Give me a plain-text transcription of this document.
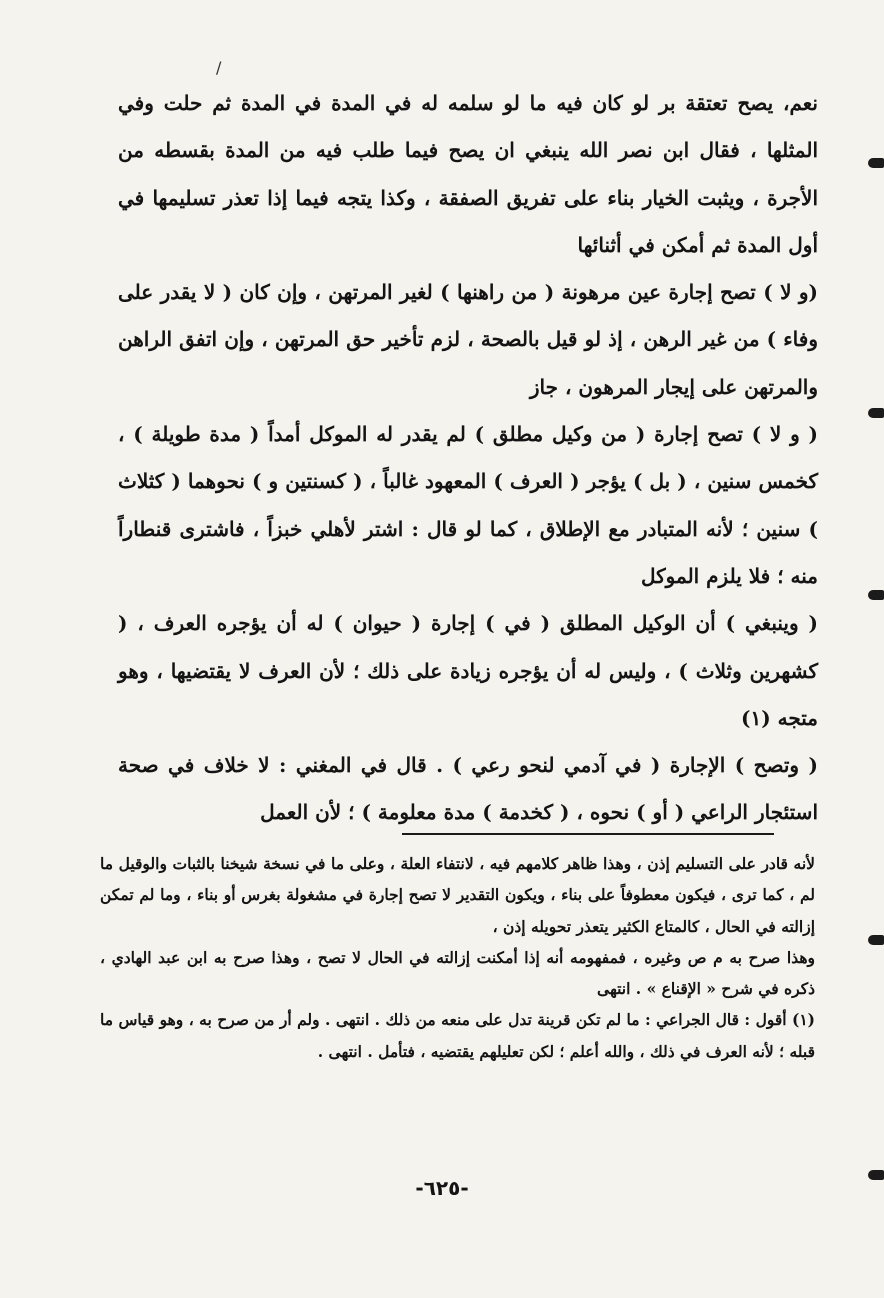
/

نعم، يصح تعتقة بر لو كان فيه ما لو سلمه له في المدة في المدة ثم حلت وفي المثلها ، فقال ابن نصر الله ينبغي ان يصح فيما طلب فيه من المدة بقسطه من الأجرة ، ويثبت الخيار بناء على تفريق الصفقة ، وكذا يتجه فيما إذا تعذر تسليمها في أول المدة ثم أمكن في أثنائها

(و لا ) تصح إجارة عين مرهونة ( من راهنها ) لغير المرتهن ، وإن كان ( لا يقدر على وفاء ) من غير الرهن ، إذ لو قيل بالصحة ، لزم تأخير حق المرتهن ، وإن اتفق الراهن والمرتهن على إيجار المرهون ، جاز

( و لا ) تصح إجارة ( من وكيل مطلق ) لم يقدر له الموكل أمداً ( مدة طويلة ) ، كخمس سنين ، ( بل ) يؤجر ( العرف ) المعهود غالباً ، ( كسنتين و ) نحوهما ( كثلاث ) سنين ؛ لأنه المتبادر مع الإطلاق ، كما لو قال : اشتر لأهلي خبزاً ، فاشترى قنطاراً منه ؛ فلا يلزم الموكل

( وينبغي ) أن الوكيل المطلق ( في ) إجارة ( حيوان ) له أن يؤجره العرف ، ( كشهرين وثلاث ) ، وليس له أن يؤجره زيادة على ذلك ؛ لأن العرف لا يقتضيها ، وهو متجه (١)

( وتصح ) الإجارة ( في آدمي لنحو رعي ) . قال في المغني : لا خلاف في صحة استئجار الراعي ( أو ) نحوه ، ( كخدمة ) مدة معلومة ) ؛ لأن العمل

لأنه قادر على التسليم إذن ، وهذا ظاهر كلامهم فيه ، لانتفاء العلة ، وعلى ما في نسخة شيخنا بالثبات والوقيل ما لم ، كما ترى ، فيكون معطوفاً على بناء ، ويكون التقدير لا تصح إجارة في مشغولة بغرس أو بناء ، وما لم تمكن إزالته في الحال ، كالمتاع الكثير يتعذر تحويله إذن ،

وهذا صرح به م ص وغيره ، فمفهومه أنه إذا أمكنت إزالته في الحال لا تصح ، وهذا صرح به ابن عبد الهادي ، ذكره في شرح « الإقناع » . انتهى

(١) أقول : قال الجراعي : ما لم تكن قرينة تدل على منعه من ذلك . انتهى . ولم أر من صرح به ، وهو قياس ما قبله ؛ لأنه العرف في ذلك ، والله أعلم ؛ لكن تعليلهم يقتضيه ، فتأمل . انتهى .

-٦٢٥-
